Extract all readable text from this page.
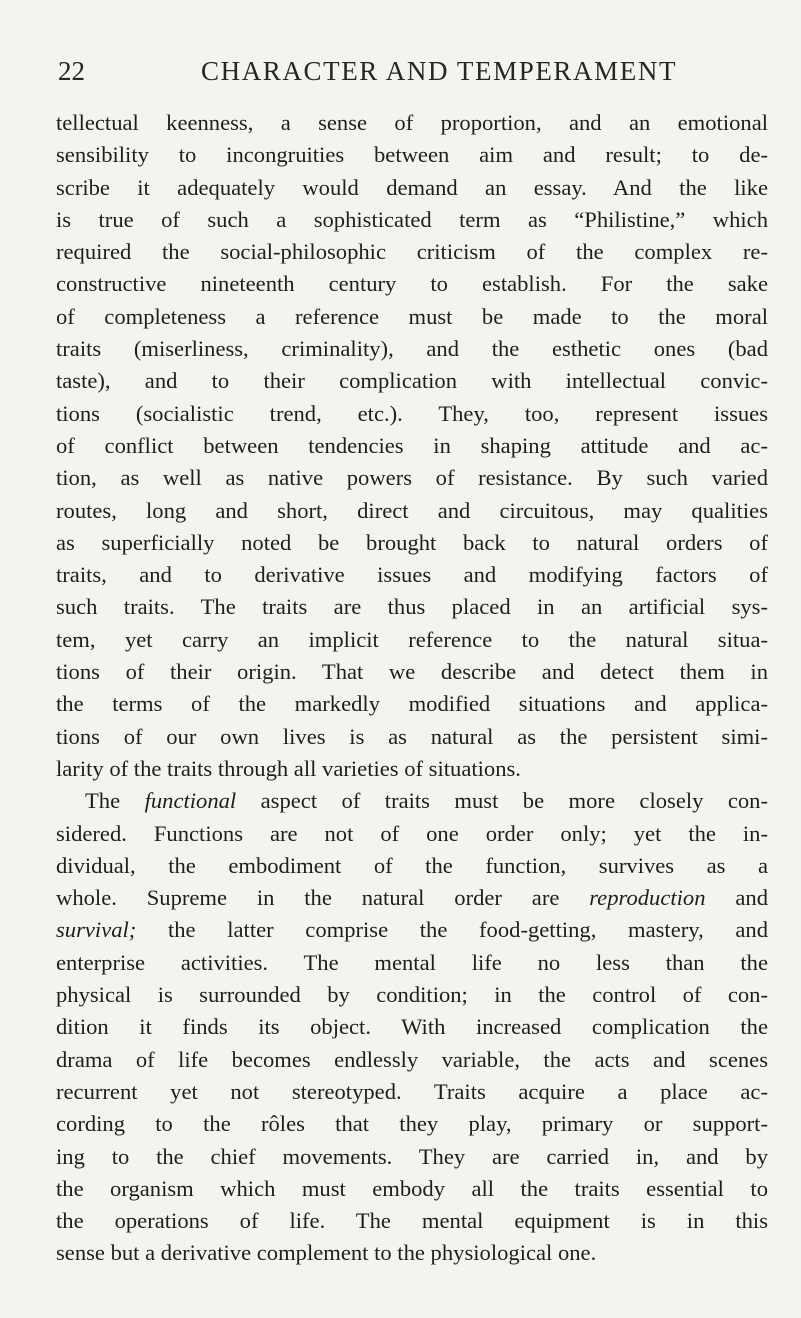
22	CHARACTER AND TEMPERAMENT
tellectual keenness, a sense of proportion, and an emotional
sensibility to incongruities between aim and result; to de-
scribe it adequately would demand an essay. And the like
is true of such a sophisticated term as “Philistine,” which
required the social-philosophic criticism of the complex re-
constructive nineteenth century to establish. For the sake
of completeness a reference must be made to the moral
traits (miserliness, criminality), and the esthetic ones (bad
taste), and to their complication with intellectual convic-
tions (socialistic trend, etc.). They, too, represent issues
of conflict between tendencies in shaping attitude and ac-
tion, as well as native powers of resistance. By such varied
routes, long and short, direct and circuitous, may qualities
as superficially noted be brought back to natural orders of
traits, and to derivative issues and modifying factors of
such traits. The traits are thus placed in an artificial sys-
tem, yet carry an implicit reference to the natural situa-
tions of their origin. That we describe and detect them in
the terms of the markedly modified situations and applica-
tions of our own lives is as natural as the persistent simi-
larity of the traits through all varieties of situations.
The functional aspect of traits must be more closely con-
sidered. Functions are not of one order only; yet the in-
dividual, the embodiment of the function, survives as a
whole. Supreme in the natural order are reproduction and
survival; the latter comprise the food-getting, mastery, and
enterprise activities. The mental life no less than the
physical is surrounded by condition; in the control of con-
dition it finds its object. With increased complication the
drama of life becomes endlessly variable, the acts and scenes
recurrent yet not stereotyped. Traits acquire a place ac-
cording to the rôles that they play, primary or support-
ing to the chief movements. They are carried in, and by
the organism which must embody all the traits essential to
the operations of life. The mental equipment is in this
sense but a derivative complement to the physiological one.
